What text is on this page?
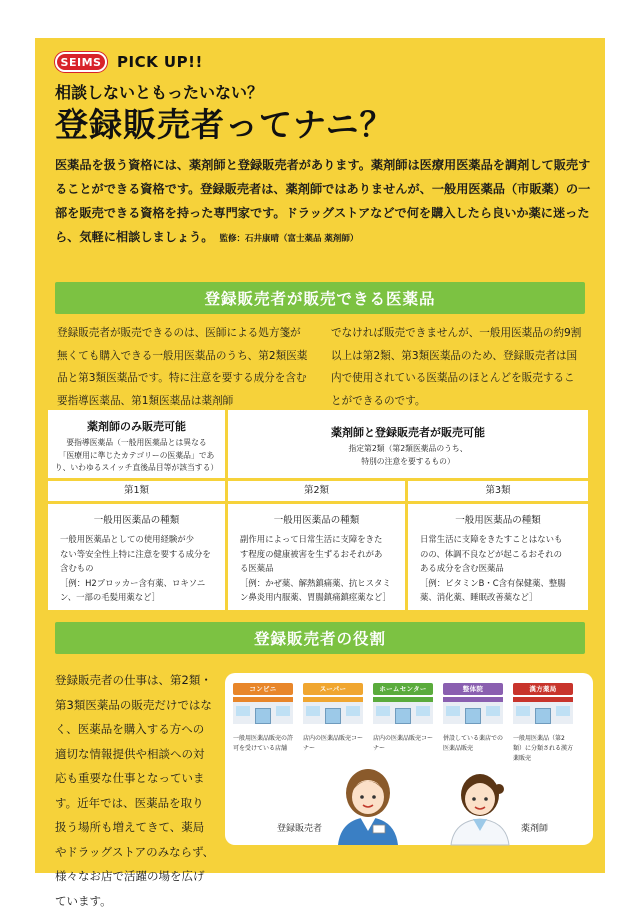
SEIMS PICK UP!!
相談しないともったいない？
登録販売者ってナニ？

医薬品を扱う資格には、薬剤師と登録販売者があります。薬剤師は医療用医薬品を調剤して販売することができる資格です。登録販売者は、薬剤師ではありませんが、一般用医薬品（市販薬）の一部を販売できる資格を持った専門家です。ドラッグストアなどで何を購入したら良いか薬に迷ったら、気軽に相談しましょう。 監修：石井康晴（富士薬品 薬剤師）

登録販売者が販売できる医薬品

登録販売者が販売できるのは、医師による処方箋が無くても購入できる一般用医薬品のうち、第2類医薬品と第3類医薬品です。特に注意を要する成分を含む要指導医薬品、第1類医薬品は薬剤師

でなければ販売できませんが、一般用医薬品の約9割以上は第2類、第3類医薬品のため、登録販売者は国内で使用されている医薬品のほとんどを販売することができるのです。

薬剤師のみ販売可能
要指導医薬品（一般用医薬品とは異なる
「医療用に準じたカテゴリーの医薬品」であ
り、いわゆるスイッチ直後品目等が該当する）
薬剤師と登録販売者が販売可能
指定第2類（第2類医薬品のうち、
特別の注意を要するもの）
第1類	第2類	第3類
一般用医薬品の種類
一般用医薬品としての使用経験が少
ない等安全性上特に注意を要する成分を
含むもの
［例：H2ブロッカー含有薬、ロキソニ
ン、一部の毛髪用薬など］
一般用医薬品の種類
副作用によって日常生活に支障をきた
す程度の健康被害を生ずるおそれがあ
る医薬品
［例：かぜ薬、解熱鎮痛薬、抗ヒスタミ
ン鼻炎用内服薬、胃腸鎮痛鎮痙薬など］
一般用医薬品の種類
日常生活に支障をきたすことはないも
のの、体調不良などが起こるおそれの
ある成分を含む医薬品
［例：ビタミンB・C含有保健薬、整腸
薬、消化薬、睡眠改善薬など］
登録販売者の役割

登録販売者の仕事は、第2類・第3類医薬品の販売だけではなく、医薬品を購入する方への適切な情報提供や相談への対応も重要な仕事となっています。近年では、医薬品を取り扱う場所も増えてきて、薬局やドラッグストアのみならず、様々なお店で活躍の場を広げています。

コンビニ
一般用医薬品販売の許可を受けている店舗
スーパー
店内の医薬品販売コーナー
ホームセンター
店内の医薬品販売コーナー
整体院
併設している薬店での医薬品販売
漢方薬局
一般用医薬品（第2類）に分類される漢方薬販売
登録販売者	薬剤師
